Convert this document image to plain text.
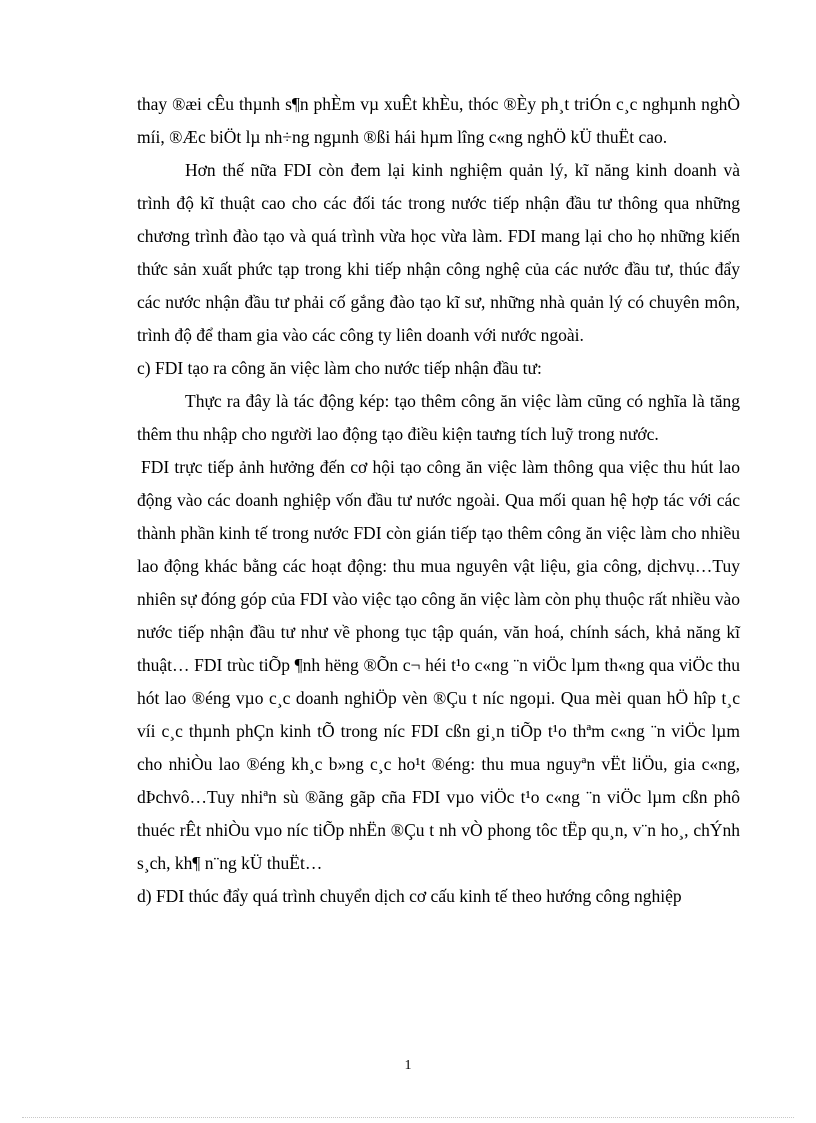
thay ®æi cÊu thµnh s¶n phÈm vµ xuÊt khÈu, thóc ®Èy ph¸t triÓn c¸c nghµnh nghÒ míi, ®Æc biÖt lµ nh÷ng ngµnh ®ßi hái hµm lîng c«ng nghÖ kÜ thuËt cao.

Hơn thế nữa FDI còn đem lại kinh nghiệm quản lý, kĩ năng kinh doanh và trình độ kĩ thuật cao cho các đối tác trong nước tiếp nhận đầu tư thông qua những chương trình đào tạo và quá trình vừa học vừa làm. FDI mang lại cho họ những kiến thức sản xuất phức tạp trong khi tiếp nhận công nghệ của các nước đầu tư, thúc đẩy các nước nhận đầu tư phải cố gắng đào tạo kĩ sư, những nhà quản lý có chuyên môn, trình độ để tham gia vào các công ty liên doanh với nước ngoài.

c) FDI tạo ra công ăn việc làm cho nước tiếp nhận đầu tư:

Thực ra đây là tác động kép: tạo thêm công ăn việc làm cũng có nghĩa là tăng thêm thu nhập cho người lao động tạo điều kiện taưng tích luỹ trong nước.

FDI trực tiếp ảnh hưởng đến cơ hội tạo công ăn việc làm thông qua việc thu hút lao động vào các doanh nghiệp vốn đầu tư nước ngoài. Qua mối quan hệ hợp tác với các thành phần kinh tế trong nước FDI còn gián tiếp tạo thêm công ăn việc làm cho nhiều lao động khác bằng các hoạt động: thu mua nguyên vật liệu, gia công, dịchvụ…Tuy nhiên sự đóng góp của FDI vào việc tạo công ăn việc làm còn phụ thuộc rất nhiều vào nước tiếp nhận đầu tư như về phong tục tập quán, văn hoá, chính sách, khả năng kĩ thuật… FDI trùc tiÕp ¶nh hëng ®Õn c¬ héi t¹o c«ng ¨n viÖc lµm th«ng qua viÖc thu hót lao ®éng vµo c¸c doanh nghiÖp vèn ®Çu t níc ngoµi. Qua mèi quan hÖ hîp t¸c víi c¸c thµnh phÇn kinh tÕ trong níc FDI cßn gi¸n tiÕp t¹o thªm c«ng ¨n viÖc lµm cho nhiÒu lao ®éng kh¸c b»ng c¸c ho¹t ®éng: thu mua nguyªn vËt liÖu, gia c«ng, dÞchvô…Tuy nhiªn sù ®ãng gãp cña FDI vµo viÖc t¹o c«ng ¨n viÖc lµm cßn phô thuéc rÊt nhiÒu vµo níc tiÕp nhËn ®Çu t nh vÒ phong tôc tËp qu¸n, v¨n ho¸, chÝnh s¸ch, kh¶ n¨ng kÜ thuËt…

d) FDI thúc đẩy quá trình chuyển dịch cơ cấu kinh tế theo hướng công nghiệp

1
